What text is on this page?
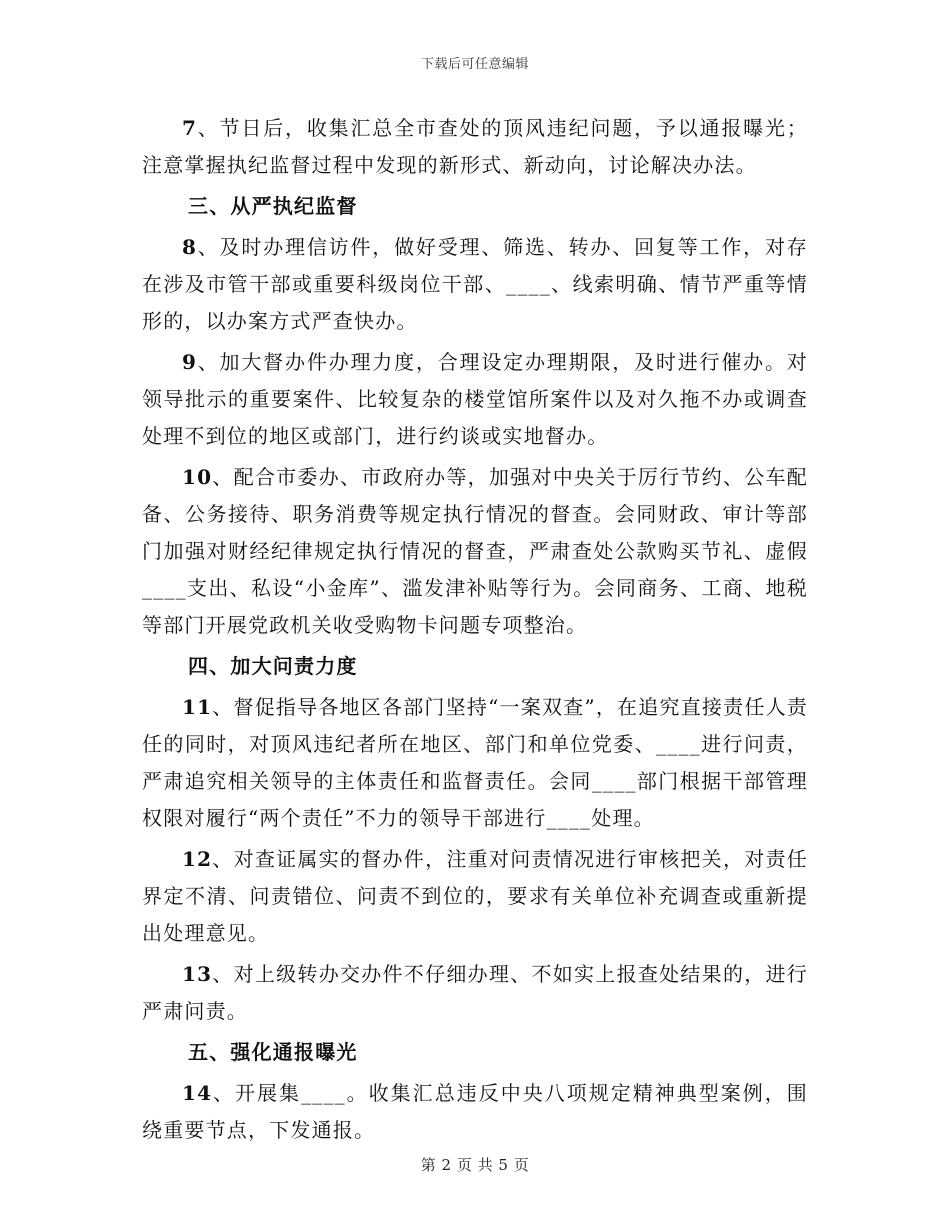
下载后可任意编辑

7、节日后，收集汇总全市查处的顶风违纪问题，予以通报曝光；注意掌握执纪监督过程中发现的新形式、新动向，讨论解决办法。

三、从严执纪监督

8、及时办理信访件，做好受理、筛选、转办、回复等工作，对存在涉及市管干部或重要科级岗位干部、____、线索明确、情节严重等情形的，以办案方式严查快办。

9、加大督办件办理力度，合理设定办理期限，及时进行催办。对领导批示的重要案件、比较复杂的楼堂馆所案件以及对久拖不办或调查处理不到位的地区或部门，进行约谈或实地督办。

10、配合市委办、市政府办等，加强对中央关于厉行节约、公车配备、公务接待、职务消费等规定执行情况的督查。会同财政、审计等部门加强对财经纪律规定执行情况的督查，严肃查处公款购买节礼、虚假____支出、私设“小金库”、滥发津补贴等行为。会同商务、工商、地税等部门开展党政机关收受购物卡问题专项整治。

四、加大问责力度

11、督促指导各地区各部门坚持“一案双查”，在追究直接责任人责任的同时，对顶风违纪者所在地区、部门和单位党委、____进行问责，严肃追究相关领导的主体责任和监督责任。会同____部门根据干部管理权限对履行“两个责任”不力的领导干部进行____处理。

12、对查证属实的督办件，注重对问责情况进行审核把关，对责任界定不清、问责错位、问责不到位的，要求有关单位补充调查或重新提出处理意见。

13、对上级转办交办件不仔细办理、不如实上报查处结果的，进行严肃问责。

五、强化通报曝光

14、开展集____。收集汇总违反中央八项规定精神典型案例，围绕重要节点，下发通报。

第 2 页 共 5 页
